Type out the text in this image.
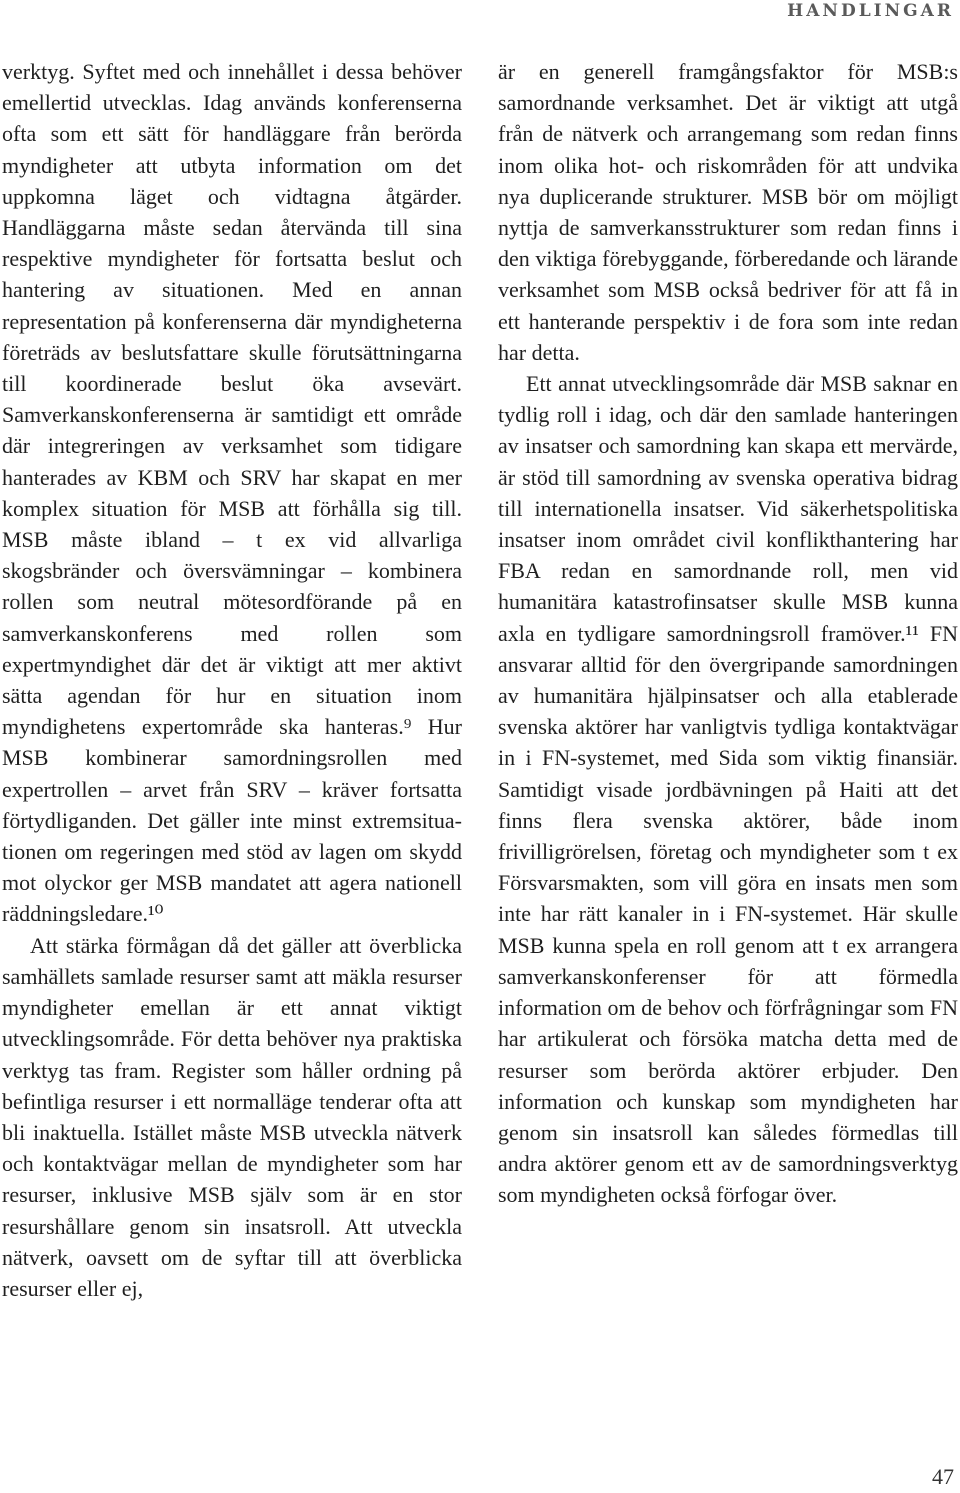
HANDLINGAR

verktyg. Syftet med och innehållet i dessa behöver emellertid utvecklas. Idag används konferenserna ofta som ett sätt för handläggare från berörda myndigheter att utbyta information om det uppkomna läget och vidtagna åtgärder. Handläggarna måste sedan återvända till sina respektive myndigheter för fortsatta beslut och hantering av situationen. Med en annan representation på konferenserna där myndigheterna företräds av beslutsfattare skulle förutsättningarna till koordinerade beslut öka avsevärt. Samverkanskonferenserna är samtidigt ett område där integreringen av verksamhet som tidigare hanterades av KBM och SRV har skapat en mer komplex situation för MSB att förhålla sig till. MSB måste ibland – t ex vid allvarliga skogsbränder och översvämningar – kombinera rollen som neutral mötesordförande på en samverkanskonferens med rollen som expertmyndighet där det är viktigt att mer aktivt sätta agendan för hur en situation inom myndighetens expertområde ska hanteras.⁹ Hur MSB kombinerar samordningsrollen med expertrollen – arvet från SRV – kräver fortsatta förtydliganden. Det gäller inte minst extremsituationen om regeringen med stöd av lagen om skydd mot olyckor ger MSB mandatet att agera nationell räddningsledare.¹⁰

Att stärka förmågan då det gäller att överblicka samhällets samlade resurser samt att mäkla resurser myndigheter emellan är ett annat viktigt utvecklingsområde. För detta behöver nya praktiska verktyg tas fram. Register som håller ordning på befintliga resurser i ett normalläge tenderar ofta att bli inaktuella. Istället måste MSB utveckla nätverk och kontaktvägar mellan de myndigheter som har resurser, inklusive MSB själv som är en stor resurshållare genom sin insatsroll. Att utveckla nätverk, oavsett om de syftar till att överblicka resurser eller ej,

är en generell framgångsfaktor för MSB:s samordnande verksamhet. Det är viktigt att utgå från de nätverk och arrangemang som redan finns inom olika hot- och riskområden för att undvika nya duplicerande strukturer. MSB bör om möjligt nyttja de samverkansstrukturer som redan finns i den viktiga förebyggande, förberedande och lärande verksamhet som MSB också bedriver för att få in ett hanterande perspektiv i de fora som inte redan har detta.

Ett annat utvecklingsområde där MSB saknar en tydlig roll i idag, och där den samlade hanteringen av insatser och samordning kan skapa ett mervärde, är stöd till samordning av svenska operativa bidrag till internationella insatser. Vid säkerhetspolitiska insatser inom området civil konflikthantering har FBA redan en samordnande roll, men vid humanitära katastrofinsatser skulle MSB kunna axla en tydligare samordningsroll framöver.¹¹ FN ansvarar alltid för den övergripande samordningen av humanitära hjälpinsatser och alla etablerade svenska aktörer har vanligtvis tydliga kontaktvägar in i FN-systemet, med Sida som viktig finansiär. Samtidigt visade jordbävningen på Haiti att det finns flera svenska aktörer, både inom frivilligrörelsen, företag och myndigheter som t ex Försvarsmakten, som vill göra en insats men som inte har rätt kanaler in i FN-systemet. Här skulle MSB kunna spela en roll genom att t ex arrangera samverkanskonferenser för att förmedla information om de behov och förfrågningar som FN har artikulerat och försöka matcha detta med de resurser som berörda aktörer erbjuder. Den information och kunskap som myndigheten har genom sin insatsroll kan således förmedlas till andra aktörer genom ett av de samordningsverktyg som myndigheten också förfogar över.

47
